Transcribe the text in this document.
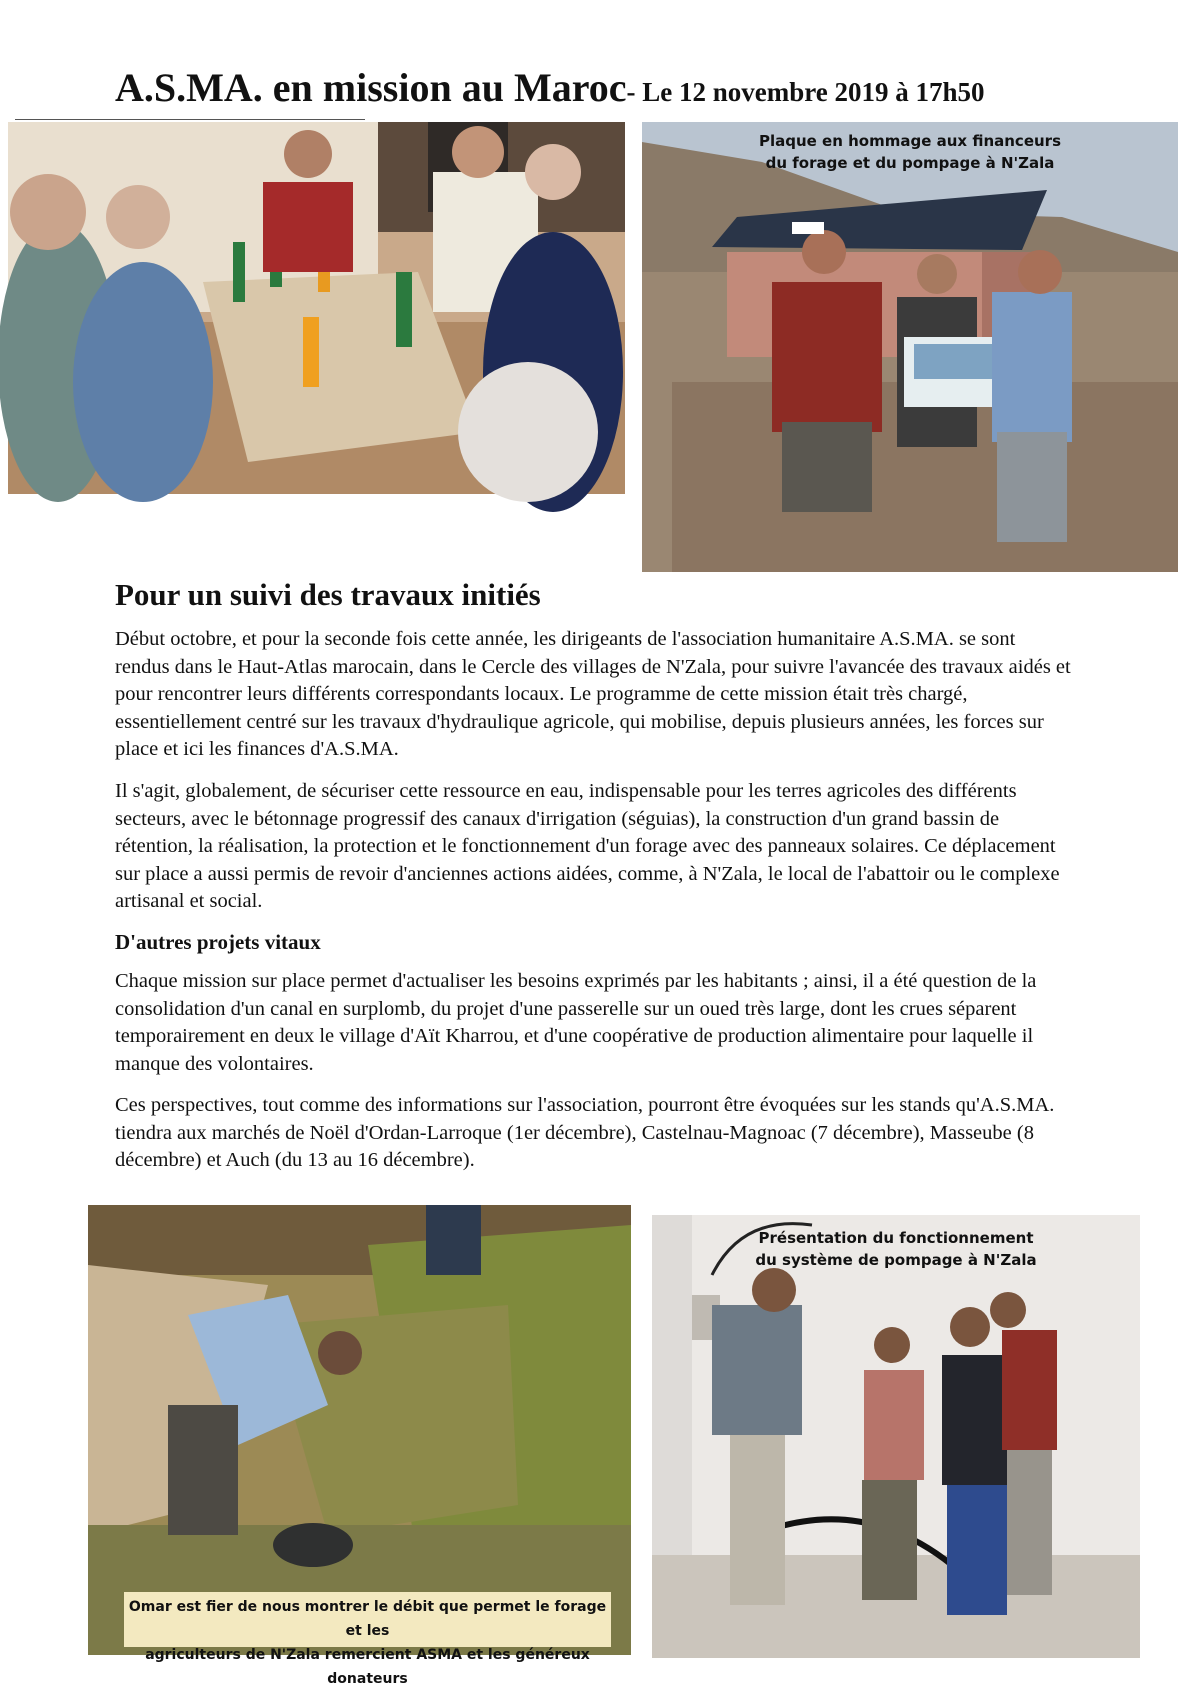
A.S.MA. en mission au Maroc- Le 12 novembre 2019 à 17h50
Plaque en hommage aux financeurs
du forage et du pompage à N'Zala
Pour un suivi des travaux initiés

Début octobre, et pour la seconde fois cette année, les dirigeants de l'association humanitaire A.S.MA. se sont rendus dans le Haut-Atlas marocain, dans le Cercle des villages de N'Zala, pour suivre l'avancée des travaux aidés et pour rencontrer leurs différents correspondants locaux. Le programme de cette mission était très chargé, essentiellement centré sur les travaux d'hydraulique agricole, qui mobilise, depuis plusieurs années, les forces sur place et ici les finances d'A.S.MA.

Il s'agit, globalement, de sécuriser cette ressource en eau, indispensable pour les terres agricoles des différents secteurs, avec le bétonnage progressif des canaux d'irrigation (séguias), la construction d'un grand bassin de rétention, la réalisation, la protection et le fonctionnement d'un forage avec des panneaux solaires. Ce déplacement sur place a aussi permis de revoir d'anciennes actions aidées, comme, à N'Zala, le local de l'abattoir ou le complexe artisanal et social.

D'autres projets vitaux

Chaque mission sur place permet d'actualiser les besoins exprimés par les habitants ; ainsi, il a été question de la consolidation d'un canal en surplomb, du projet d'une passerelle sur un oued très large, dont les crues séparent temporairement en deux le village d'Aït Kharrou, et d'une coopérative de production alimentaire pour laquelle il manque des volontaires.

Ces perspectives, tout comme des informations sur l'association, pourront être évoquées sur les stands qu'A.S.MA. tiendra aux marchés de Noël d'Ordan-Larroque (1er décembre), Castelnau-Magnoac (7 décembre), Masseube (8 décembre) et Auch (du 13 au 16 décembre).

Omar est fier de nous montrer le débit que permet le forage et les
agriculteurs de N'Zala remercient ASMA et les généreux donateurs
Présentation du fonctionnement
du système de pompage à N'Zala
